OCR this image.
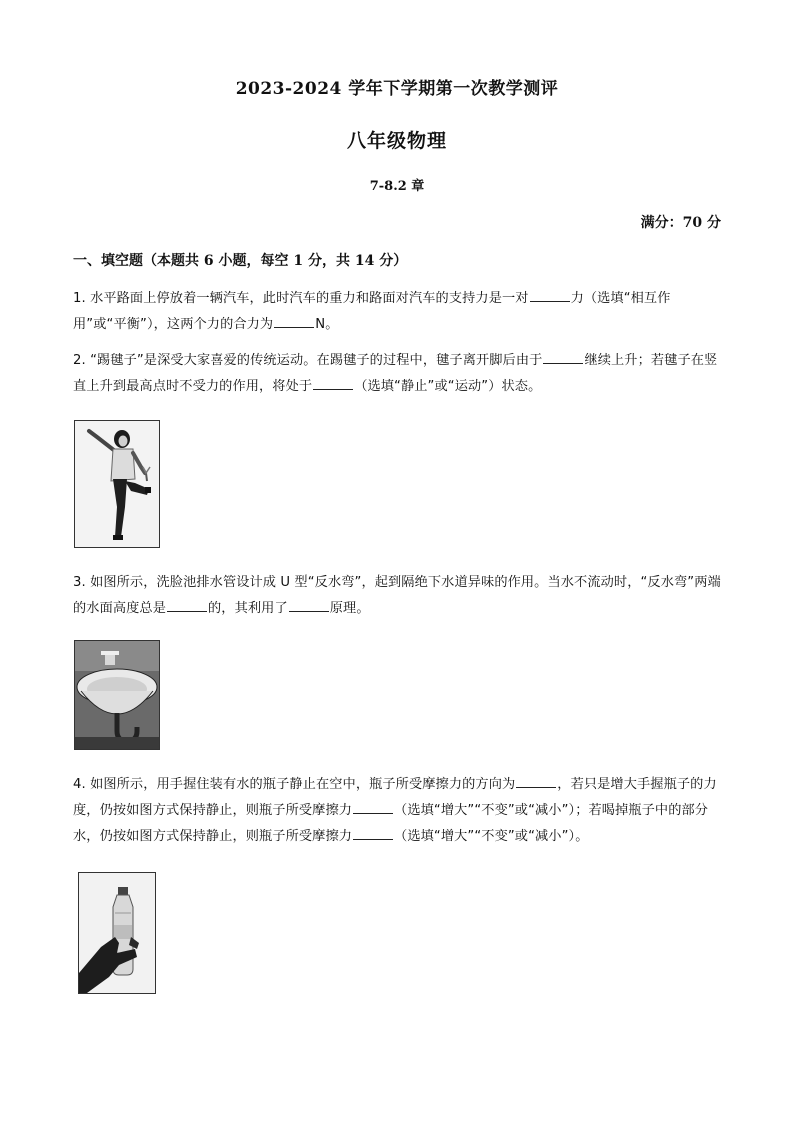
2023-2024 学年下学期第一次教学测评
八年级物理
7-8.2 章
满分：70 分
一、填空题（本题共 6 小题，每空 1 分，共 14 分）
1. 水平路面上停放着一辆汽车，此时汽车的重力和路面对汽车的支持力是一对	力（选填“相互作用”或“平衡”），这两个力的合力为	N。
2. “踢毽子”是深受大家喜爱的传统运动。在踢毽子的过程中，毽子离开脚后由于	继续上升；若毽子在竖直上升到最高点时不受力的作用，将处于	（选填“静止”或“运动”）状态。
3. 如图所示，洗脸池排水管设计成 U 型“反水弯”，起到隔绝下水道异味的作用。当水不流动时，“反水弯”两端的水面高度总是	的，其利用了	原理。
4. 如图所示，用手握住装有水的瓶子静止在空中，瓶子所受摩擦力的方向为	，若只是增大手握瓶子的力度，仍按如图方式保持静止，则瓶子所受摩擦力	（选填“增大”“不变”或“减小”）；若喝掉瓶子中的部分水，仍按如图方式保持静止，则瓶子所受摩擦力	（选填“增大”“不变”或“减小”）。
